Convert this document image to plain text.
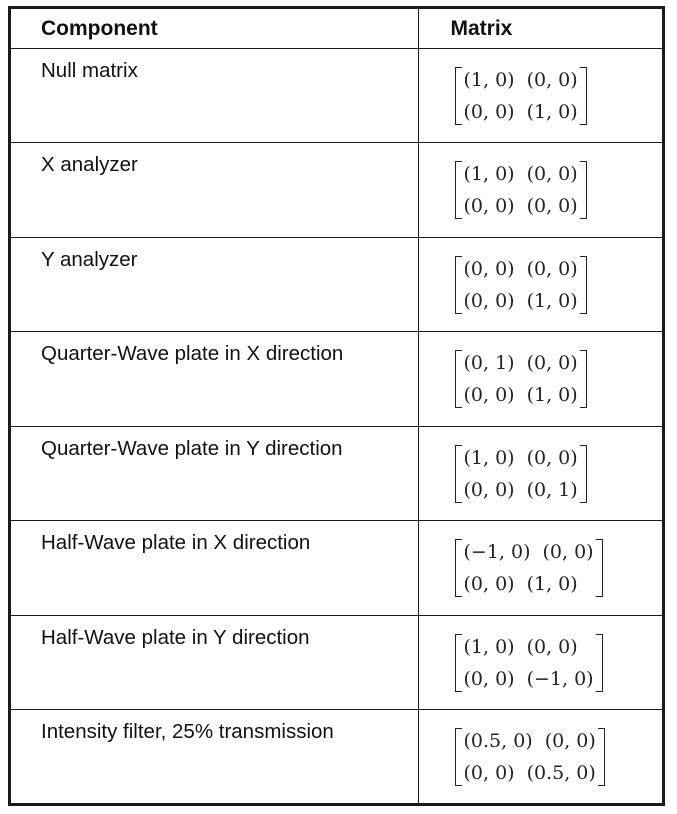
Component	Matrix
Null matrix	(1, 0) (0, 0)
(0, 0) (1, 0)

X analyzer	(1, 0) (0, 0)
(0, 0) (0, 0)

Y analyzer	(0, 0) (0, 0)
(0, 0) (1, 0)

Quarter-Wave plate in X direction	(0, 1) (0, 0)
(0, 0) (1, 0)

Quarter-Wave plate in Y direction	(1, 0) (0, 0)
(0, 0) (0, 1)

Half-Wave plate in X direction	(−1, 0) (0, 0)
(0, 0) (1, 0)

Half-Wave plate in Y direction	(1, 0) (0, 0)
(0, 0) (−1, 0)

Intensity filter, 25% transmission	(0.5, 0) (0, 0)
(0, 0) (0.5, 0)
